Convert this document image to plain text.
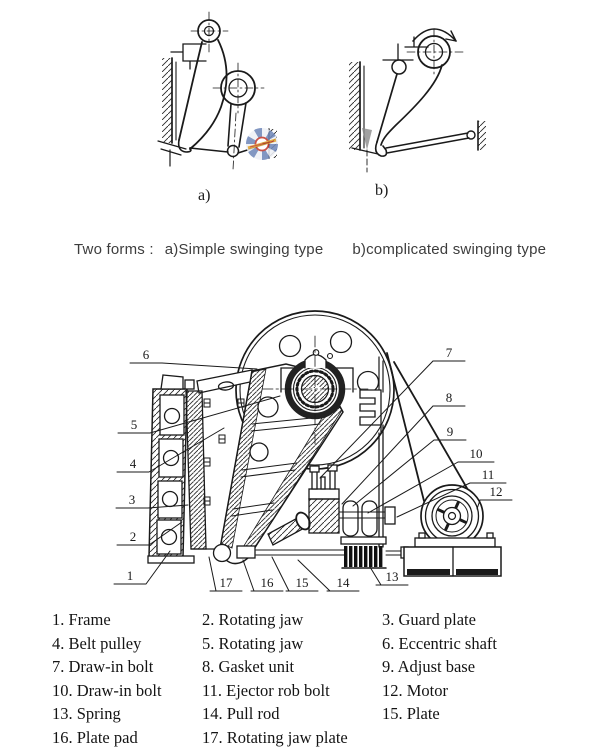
a)	b)
Two forms : a)Simple swinging type b)complicated swinging type
1
2
3
4
5
6	7
8
9
10
11
12
13
14
15
16
17
1. Frame	2. Rotating jaw	3. Guard plate
4. Belt pulley	5. Rotating jaw	6. Eccentric shaft
7. Draw-in bolt	8. Gasket unit	9. Adjust base
10. Draw-in bolt	11. Ejector rob bolt	12. Motor
13. Spring	14. Pull rod	15. Plate
16. Plate pad	17. Rotating jaw plate
